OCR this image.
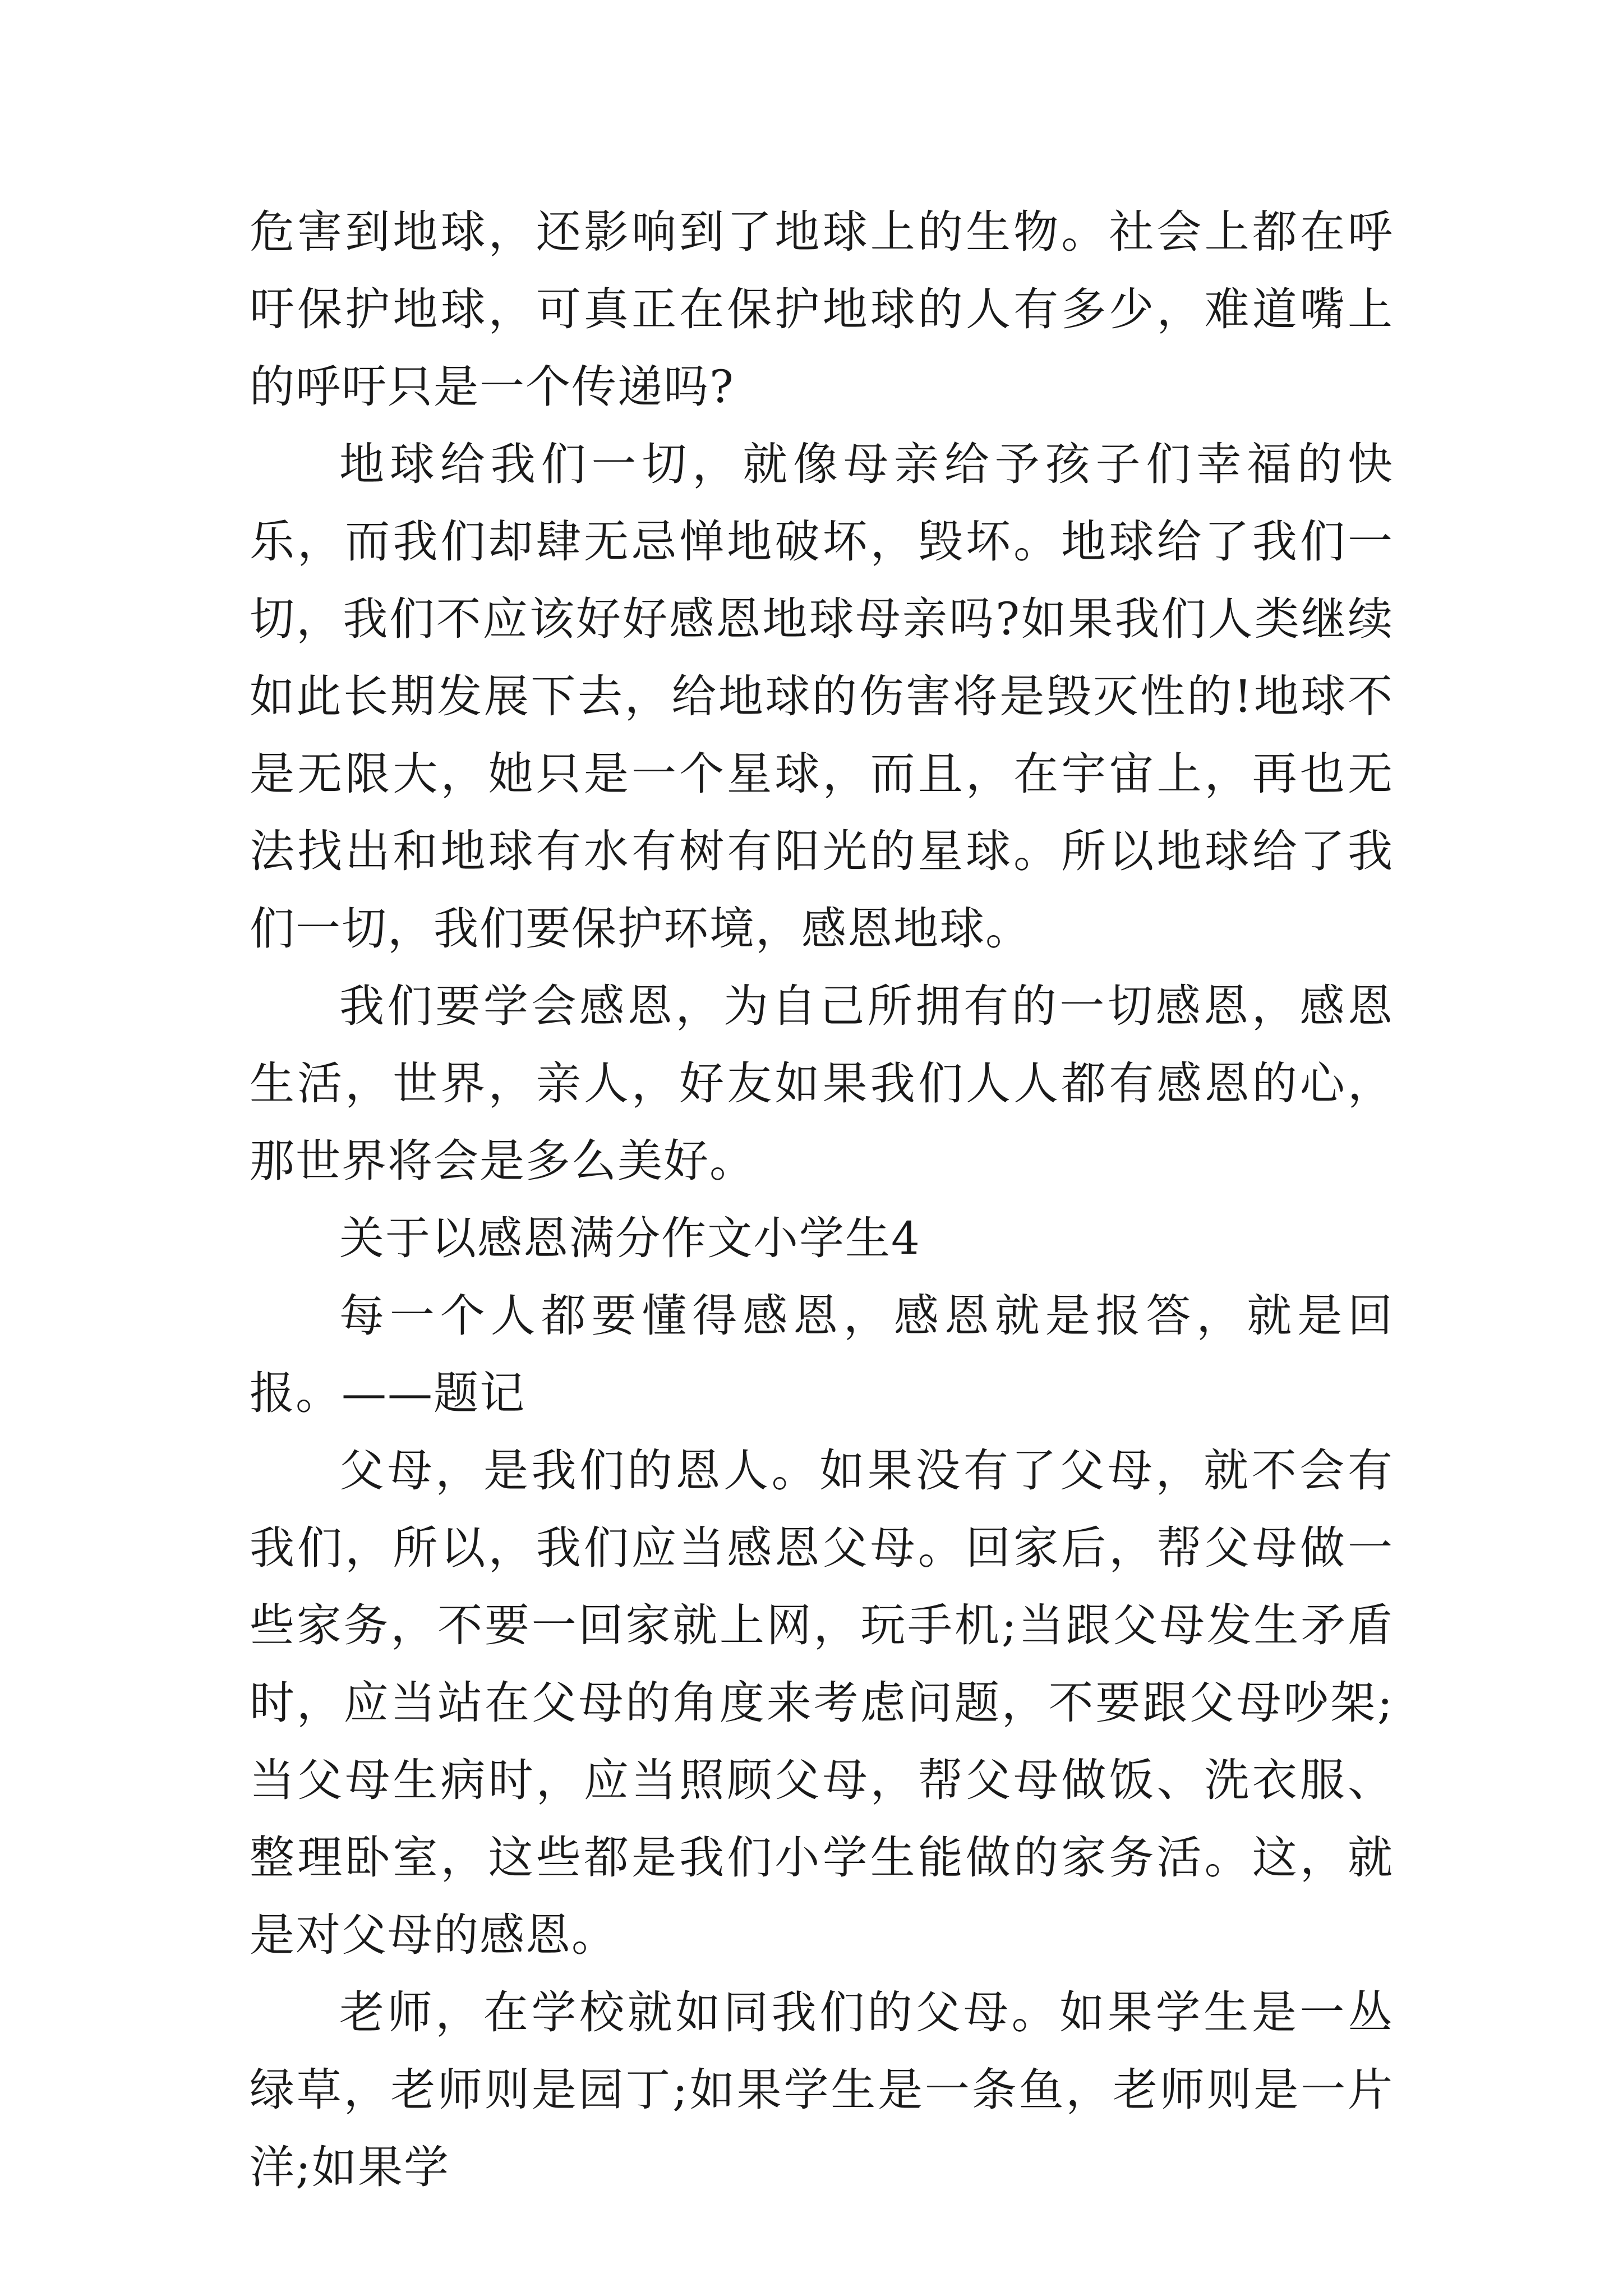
危害到地球，还影响到了地球上的生物。社会上都在呼吁保护地球，可真正在保护地球的人有多少，难道嘴上的呼吁只是一个传递吗?

地球给我们一切，就像母亲给予孩子们幸福的快乐，而我们却肆无忌惮地破坏，毁坏。地球给了我们一切，我们不应该好好感恩地球母亲吗?如果我们人类继续如此长期发展下去，给地球的伤害将是毁灭性的!地球不是无限大，她只是一个星球，而且，在宇宙上，再也无法找出和地球有水有树有阳光的星球。所以地球给了我们一切，我们要保护环境，感恩地球。

我们要学会感恩，为自己所拥有的一切感恩，感恩生活，世界，亲人，好友如果我们人人都有感恩的心，那世界将会是多么美好。

关于以感恩满分作文小学生4

每一个人都要懂得感恩，感恩就是报答，就是回报。——题记

父母，是我们的恩人。如果没有了父母，就不会有我们，所以，我们应当感恩父母。回家后，帮父母做一些家务，不要一回家就上网，玩手机;当跟父母发生矛盾时，应当站在父母的角度来考虑问题，不要跟父母吵架;当父母生病时，应当照顾父母，帮父母做饭、洗衣服、整理卧室，这些都是我们小学生能做的家务活。这，就是对父母的感恩。

老师，在学校就如同我们的父母。如果学生是一丛绿草，老师则是园丁;如果学生是一条鱼，老师则是一片洋;如果学
